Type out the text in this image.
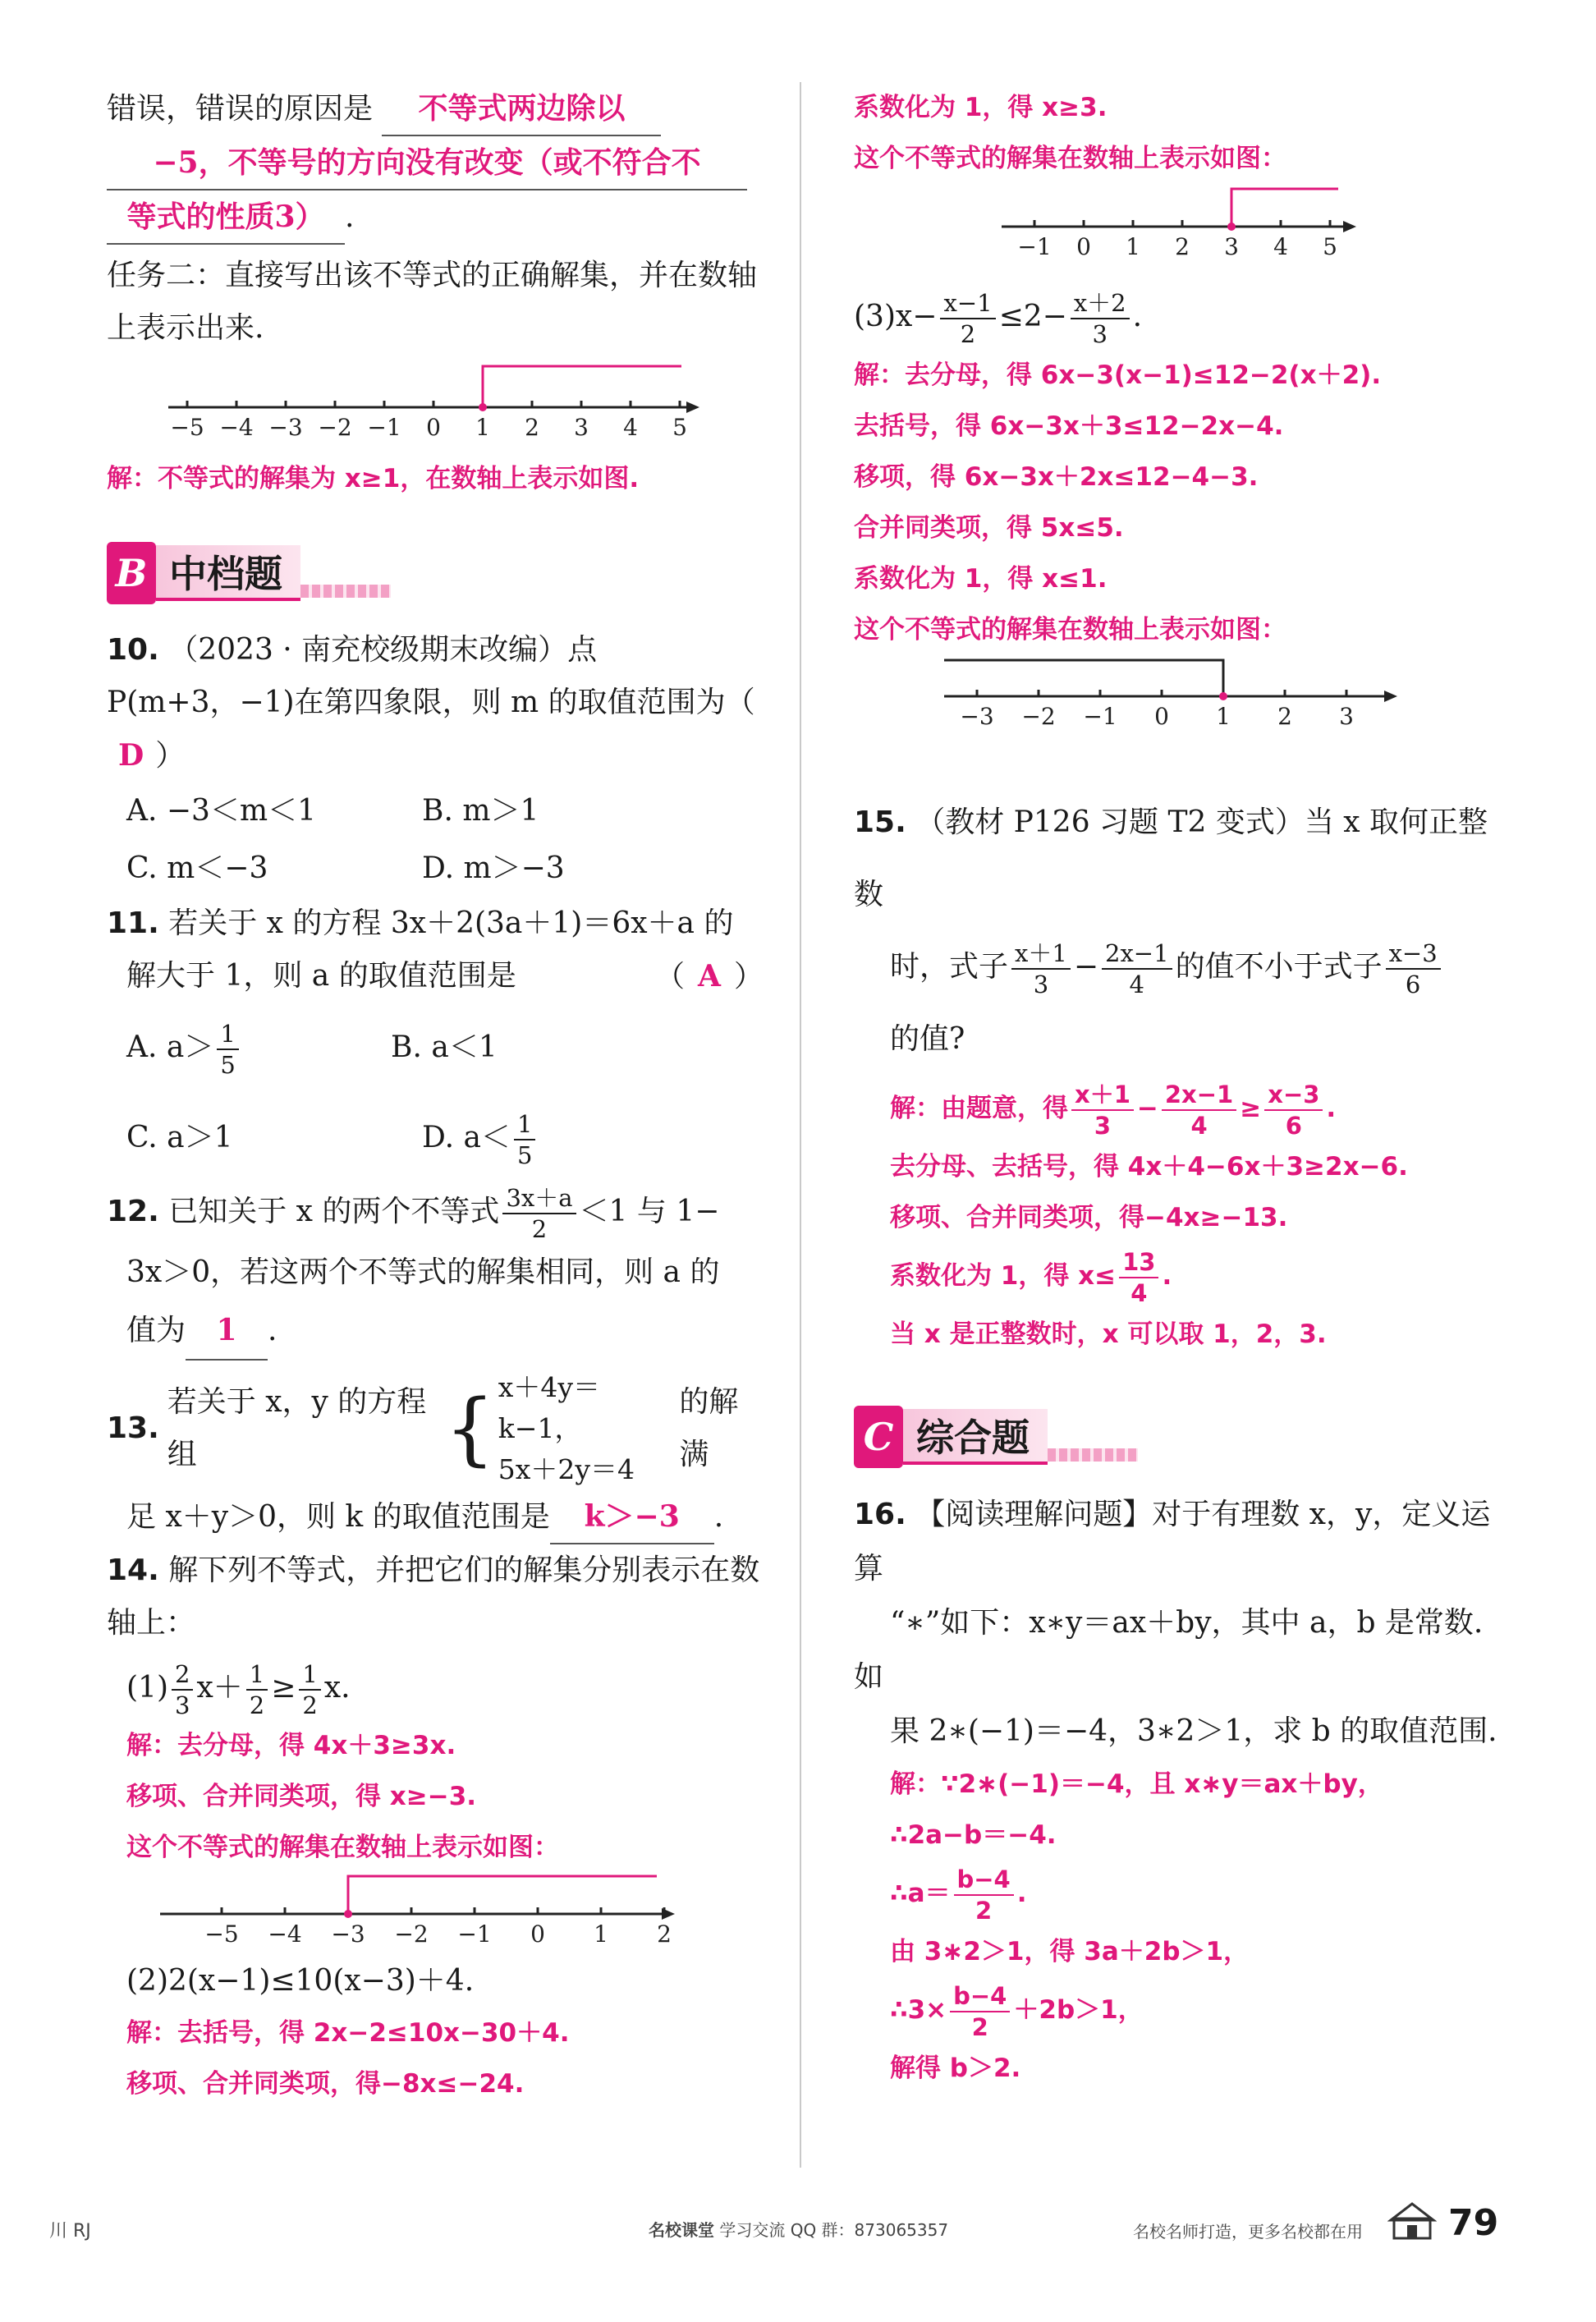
错误，错误的原因是 不等式两边除以
−5，不等号的方向没有改变（或不符合不
等式的性质3） .
任务二：直接写出该不等式的正确解集，并在数轴上表示出来.
−5 −4 −3 −2 −1 0 1 2 3 4 5
解：不等式的解集为 x≥1，在数轴上表示如图.
B 中档题
10. （2023 · 南充校级期末改编）点 P(m+3，−1)在第四象限，则 m 的取值范围为（ D ）
A. −3＜m＜1	B. m＞1
C. m＜−3	D. m＞−3
11. 若关于 x 的方程 3x＋2(3a＋1)＝6x＋a 的
解大于 1，则 a 的取值范围是	（ A ）
A. $a> \frac{1}{5}$	B. a＜1
C. a＞1	D. $a< \frac{1}{5}$
12. 已知关于 x 的两个不等式 $\frac{3x+a}{2} <1$ 与 1−
3x＞0，若这两个不等式的解集相同，则 a 的
值为 1 .
13.
若关于 x，y 的方程组	{ x＋4y＝k−1，
5x＋2y＝4
的解满
足 x＋y＞0，则 k 的取值范围是 k＞−3 .
14. 解下列不等式，并把它们的解集分别表示在数轴上：
$(1) \frac{2}{3} x+ \frac{1}{2} \ge \frac{1}{2} x$.
解：去分母，得 4x＋3≥3x.
移项、合并同类项，得 x≥−3.
这个不等式的解集在数轴上表示如图：
−5 −4 −3 −2 −1 0 1 2
(2)2(x−1)≤10(x−3)＋4.
解：去括号，得 2x−2≤10x−30＋4.
移项、合并同类项，得−8x≤−24.
系数化为 1，得 x≥3.
这个不等式的解集在数轴上表示如图：
−1 0 1 2 3 4 5
$(3)x- \frac{x-1}{2} \le 2- \frac{x+2}{3}$ .
解：去分母，得 6x−3(x−1)≤12−2(x＋2).
去括号，得 6x−3x＋3≤12−2x−4.
移项，得 6x−3x＋2x≤12−4−3.
合并同类项，得 5x≤5.
系数化为 1，得 x≤1.
这个不等式的解集在数轴上表示如图：
−3 −2 −1 0 1 2 3
15. （教材 P126 习题 T2 变式）当 x 取何正整数
时，式子 $\frac{x+1}{3} - \frac{2x-1}{4}$ 的值不小于式子 $\frac{x-3}{6}$

的值?
解：由题意，得 $\frac{x+1}{3} - \frac{2x-1}{4} \ge \frac{x-3}{6}$ .
去分母、去括号，得 4x＋4−6x＋3≥2x−6.
移项、合并同类项，得−4x≥−13.
系数化为 1，得 $x\le \frac{13}{4}$ .
当 x 是正整数时，x 可以取 1，2，3.
C 综合题
16. 【阅读理解问题】对于有理数 x，y，定义运算
“∗”如下：x∗y＝ax＋by，其中 a，b 是常数.如
果 2∗(−1)＝−4，3∗2＞1，求 b 的取值范围.
解：∵2∗(−1)＝−4，且 x∗y＝ax＋by，
∴2a−b＝−4.
∴a＝ $\frac{b-4}{2}$ .
由 3∗2＞1，得 3a＋2b＞1，
∴3× $\frac{b-4}{2} +2b>1$，
解得 b＞2.
川 RJ	名校课堂 学习交流 QQ 群：873065357	名校名师打造，更多名校都在用 79
